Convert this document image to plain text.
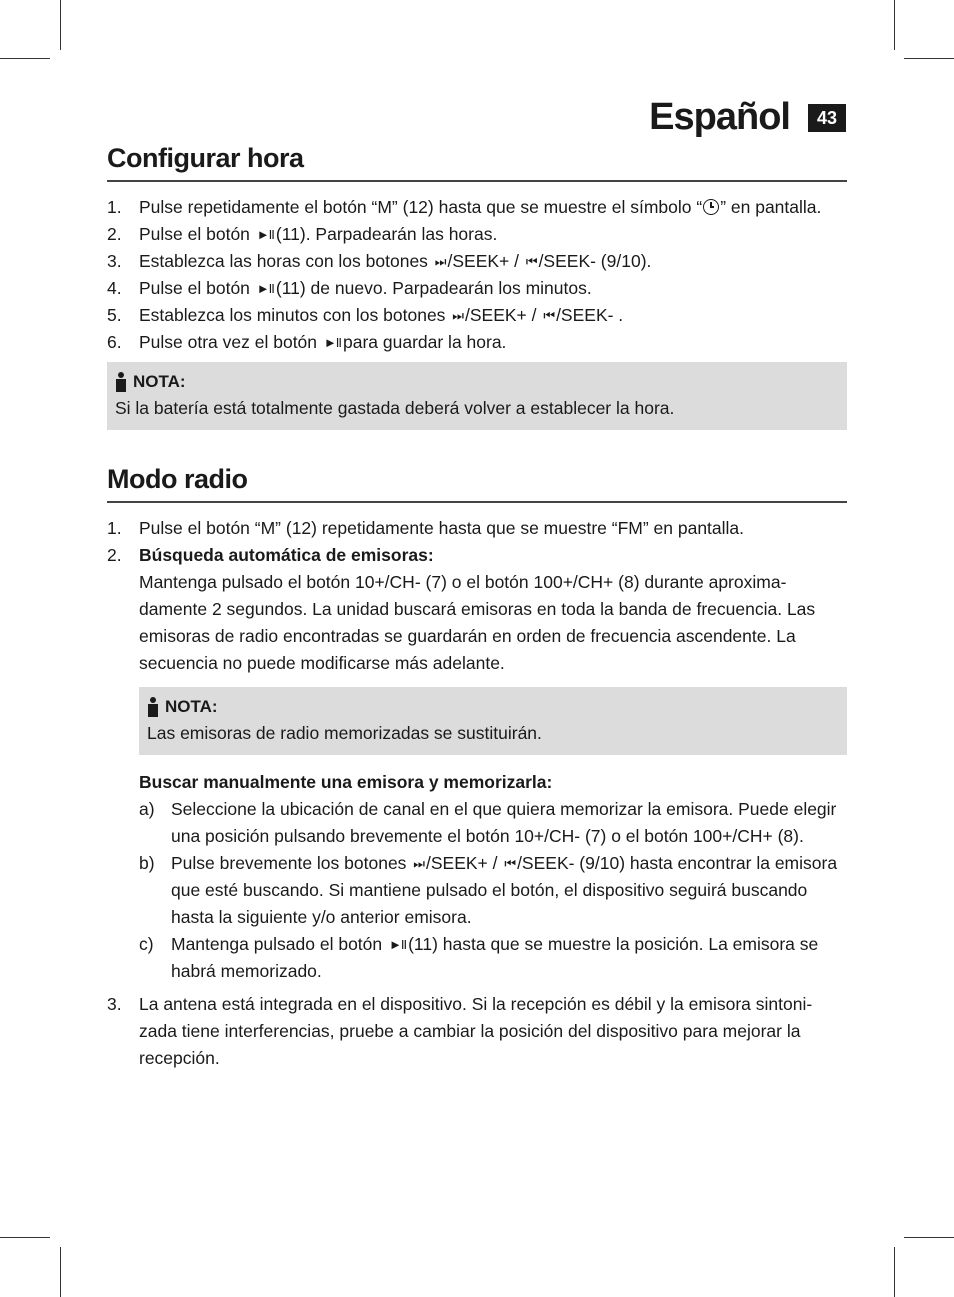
Español	43
Configurar hora
1. Pulse repetidamente el botón “M” (12) hasta que se muestre el símbolo “ ” en pantalla.
2. Pulse el botón ►II (11). Parpadearán las horas.
3. Establezca las horas con los botones ⏭ /SEEK+ / ⏮ /SEEK- (9/10).
4. Pulse el botón ►II (11) de nuevo. Parpadearán los minutos.
5. Establezca los minutos con los botones ⏭ /SEEK+ / ⏮ /SEEK- .
6. Pulse otra vez el botón ►II para guardar la hora.
NOTA:
Si la batería está totalmente gastada deberá volver a establecer la hora.
Modo radio
1. Pulse el botón “M” (12) repetidamente hasta que se muestre “FM” en pantalla.
2. Búsqueda automática de emisoras:
Mantenga pulsado el botón 10+/CH- (7) o el botón 100+/CH+ (8) durante aproxima-damente 2 segundos. La unidad buscará emisoras en toda la banda de frecuencia. Las emisoras de radio encontradas se guardarán en orden de frecuencia ascendente. La secuencia no puede modificarse más adelante.
NOTA:
Las emisoras de radio memorizadas se sustituirán.
Buscar manualmente una emisora y memorizarla:
a) Seleccione la ubicación de canal en el que quiera memorizar la emisora. Puede elegir una posición pulsando brevemente el botón 10+/CH- (7) o el botón 100+/CH+ (8).
b) Pulse brevemente los botones ⏭ /SEEK+ / ⏮ /SEEK- (9/10) hasta encontrar la emisora que esté buscando. Si mantiene pulsado el botón, el dispositivo seguirá buscando hasta la siguiente y/o anterior emisora.
c) Mantenga pulsado el botón ►II (11) hasta que se muestre la posición. La emisora se habrá memorizado.
3. La antena está integrada en el dispositivo. Si la recepción es débil y la emisora sintoni-zada tiene interferencias, pruebe a cambiar la posición del dispositivo para mejorar la recepción.
